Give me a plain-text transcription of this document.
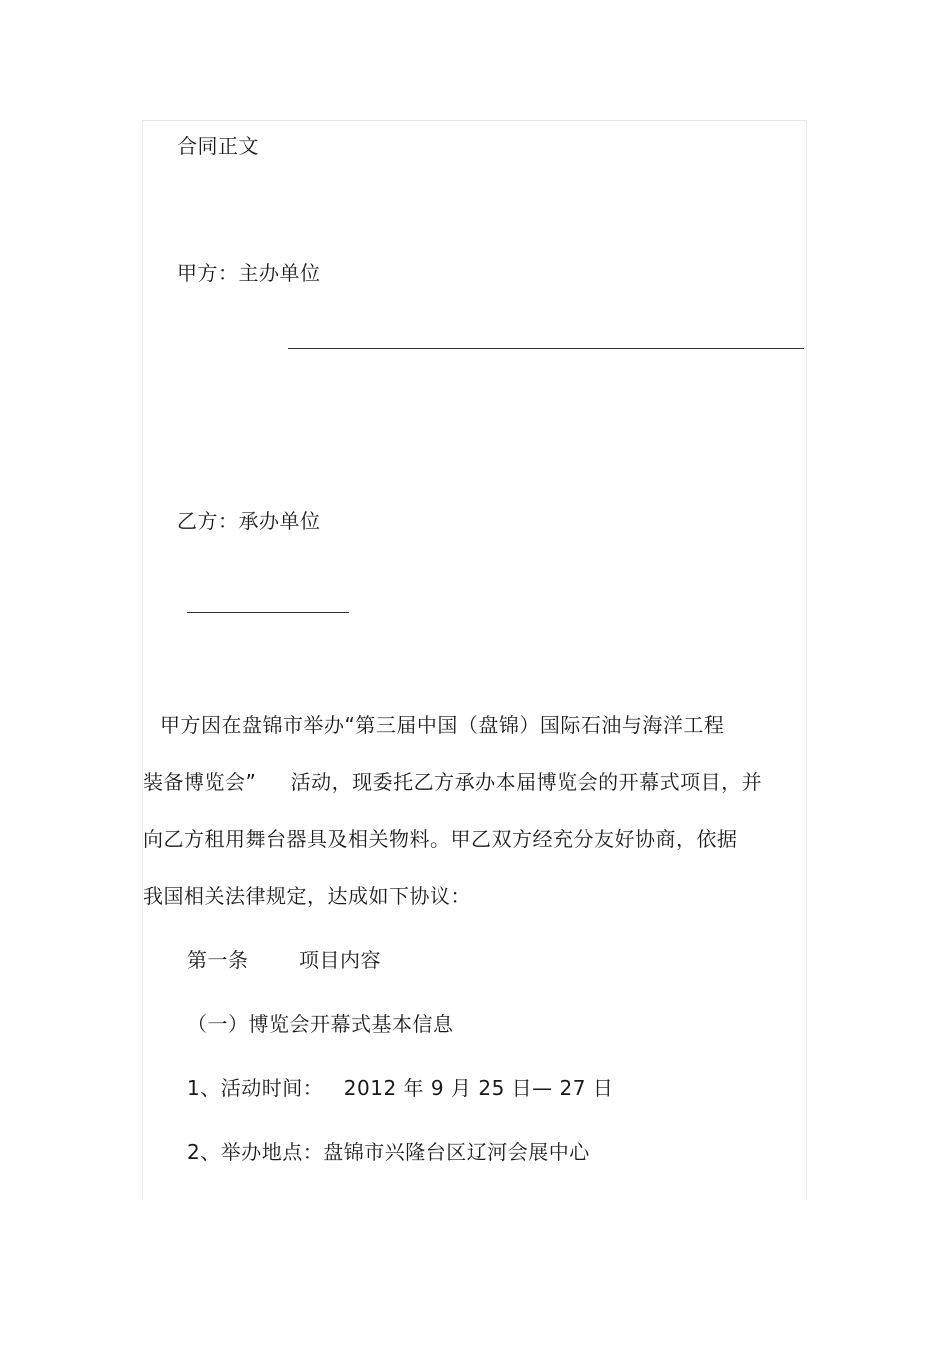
合同正文
甲方：主办单位
乙方：承办单位
甲方因在盘锦市举办“第三届中国（盘锦）国际石油与海洋工程
装备博览会”     活动，现委托乙方承办本届博览会的开幕式项目，并
向乙方租用舞台器具及相关物料。甲乙双方经充分友好协商，依据
我国相关法律规定，达成如下协议：
第一条	项目内容
（一）博览会开幕式基本信息
1、活动时间：   2012 年 9 月 25 日— 27 日
2、举办地点：盘锦市兴隆台区辽河会展中心
